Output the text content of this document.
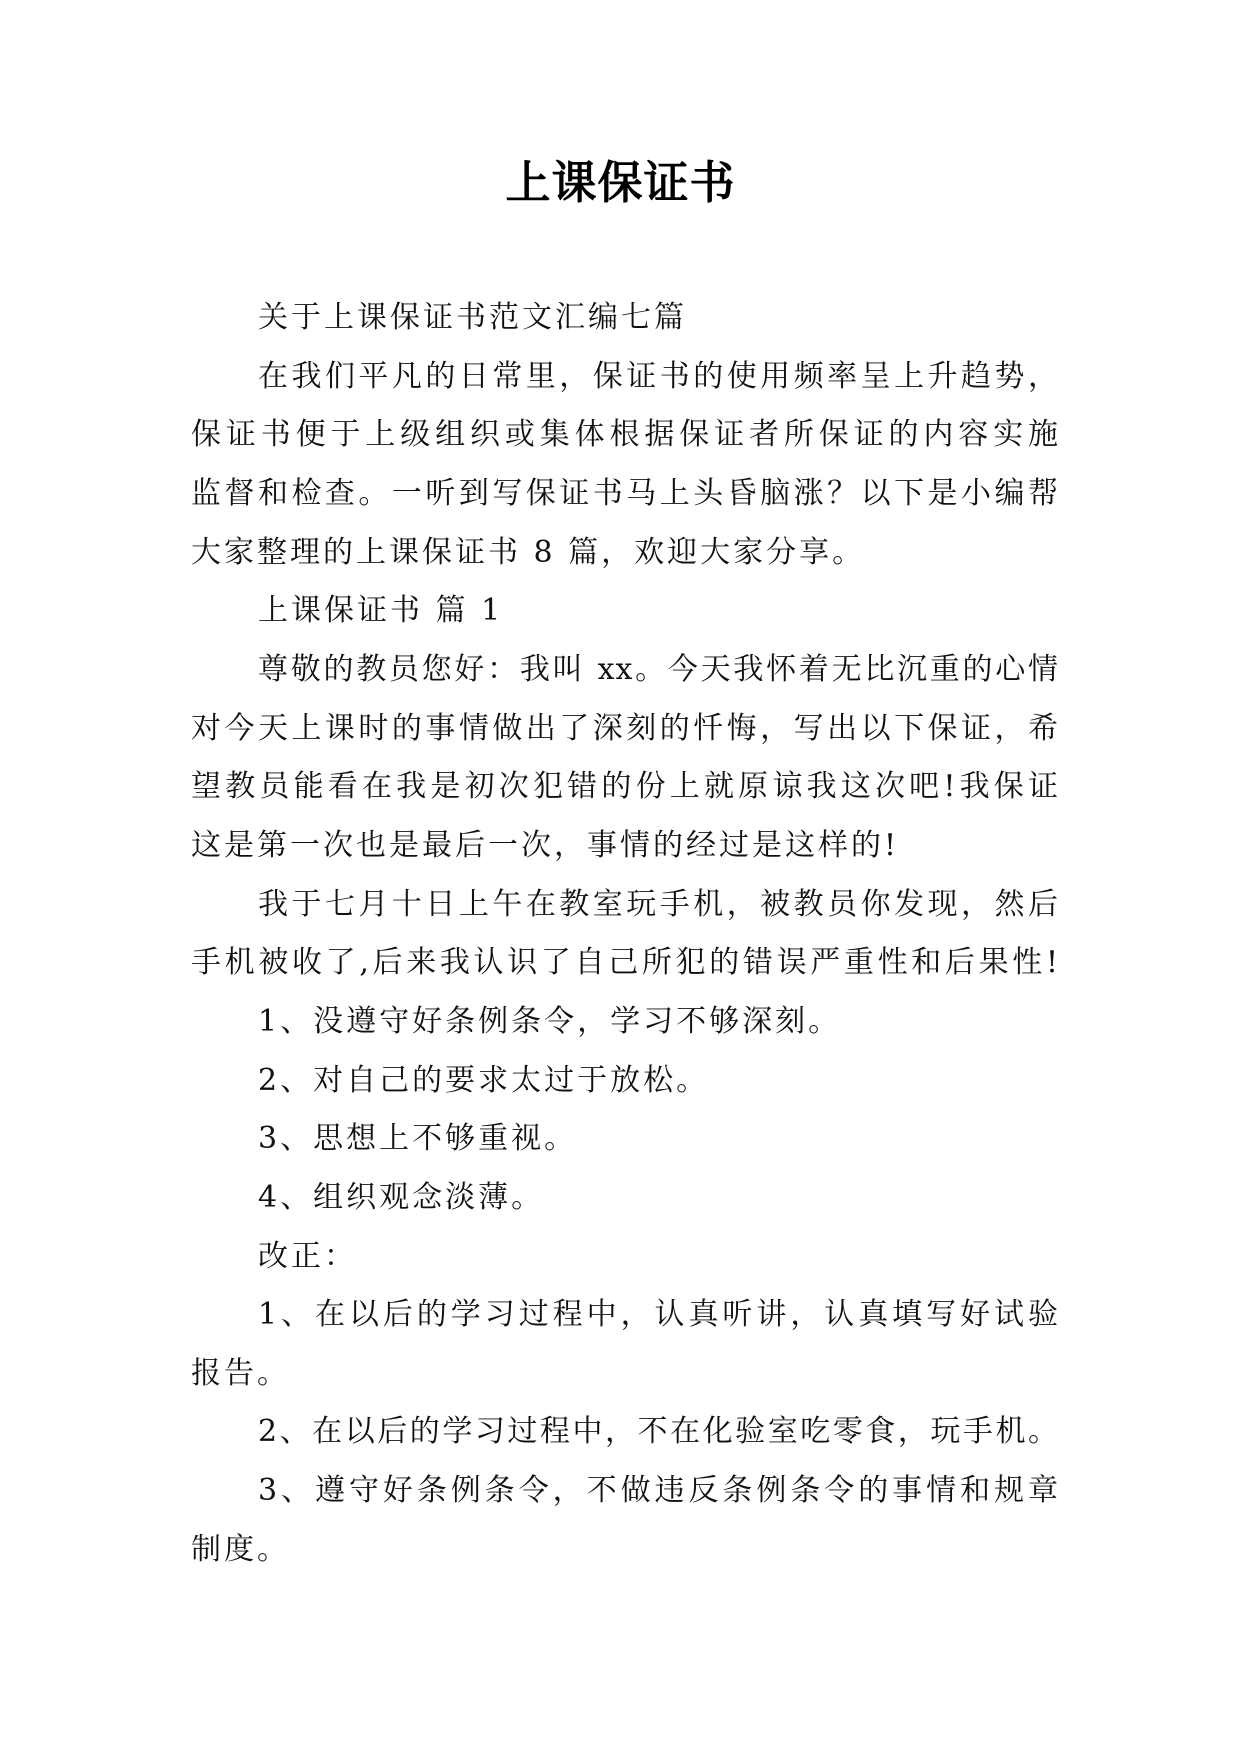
上课保证书
关于上课保证书范文汇编七篇
在我们平凡的日常里，保证书的使用频率呈上升趋势，
保证书便于上级组织或集体根据保证者所保证的内容实施
监督和检查。一听到写保证书马上头昏脑涨？以下是小编帮
大家整理的上课保证书 8 篇，欢迎大家分享。
上课保证书 篇 1
尊敬的教员您好：我叫 xx。今天我怀着无比沉重的心情
对今天上课时的事情做出了深刻的忏悔，写出以下保证，希
望教员能看在我是初次犯错的份上就原谅我这次吧!我保证
这是第一次也是最后一次，事情的经过是这样的!
我于七月十日上午在教室玩手机，被教员你发现，然后
手机被收了,后来我认识了自己所犯的错误严重性和后果性!
1、没遵守好条例条令，学习不够深刻。
2、对自己的要求太过于放松。
3、思想上不够重视。
4、组织观念淡薄。
改正：
1、在以后的学习过程中，认真听讲，认真填写好试验
报告。
2、在以后的学习过程中，不在化验室吃零食，玩手机。
3、遵守好条例条令，不做违反条例条令的事情和规章
制度。
